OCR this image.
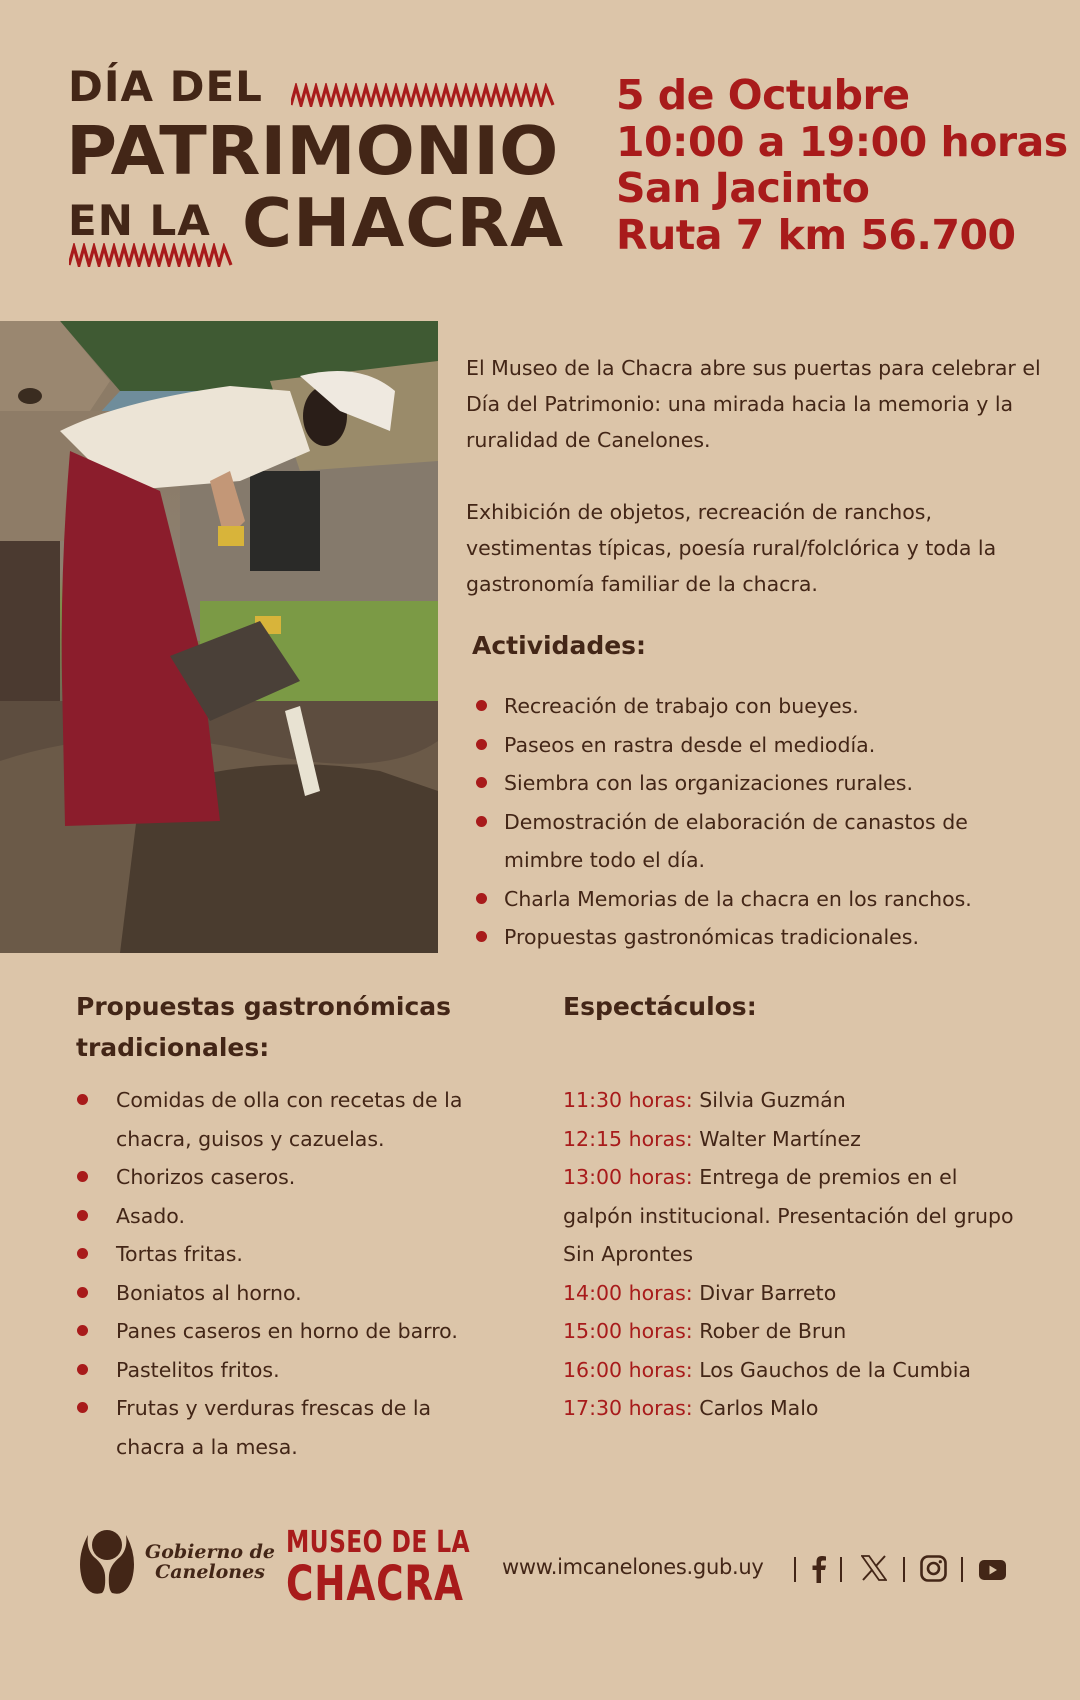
DÍA DEL
PATRIMONIO
EN LA CHACRA
5 de Octubre
10:00 a 19:00 horas
San Jacinto
Ruta 7 km 56.700
El Museo de la Chacra abre sus puertas para celebrar el Día del Patrimonio: una mirada hacia la memoria y la ruralidad de Canelones.
Exhibición de objetos, recreación de ranchos, vestimentas típicas, poesía rural/folclórica y toda la gastronomía familiar de la chacra.
Actividades:
Recreación de trabajo con bueyes.
Paseos en rastra desde el mediodía.
Siembra con las organizaciones rurales.
Demostración de elaboración de canastos de mimbre todo el día.
Charla Memorias de la chacra en los ranchos.
Propuestas gastronómicas tradicionales.
Propuestas gastronómicas tradicionales:
Comidas de olla con recetas de la chacra, guisos y cazuelas.
Chorizos caseros.
Asado.
Tortas fritas.
Boniatos al horno.
Panes caseros en horno de barro.
Pastelitos fritos.
Frutas y verduras frescas de la chacra a la mesa.
Espectáculos:
11:30 horas: Silvia Guzmán
12:15 horas: Walter Martínez
13:00 horas: Entrega de premios en el galpón institucional. Presentación del grupo Sin Apronte‌s
14:00 horas: Divar Barreto
15:00 horas: Rober de Brun
16:00 horas: Los Gauchos de la Cumbia
17:30 horas: Carlos Malo
Gobierno de
Canelones
MUSEO DE LA
CHACRA www.imcanelones.gub.uy
